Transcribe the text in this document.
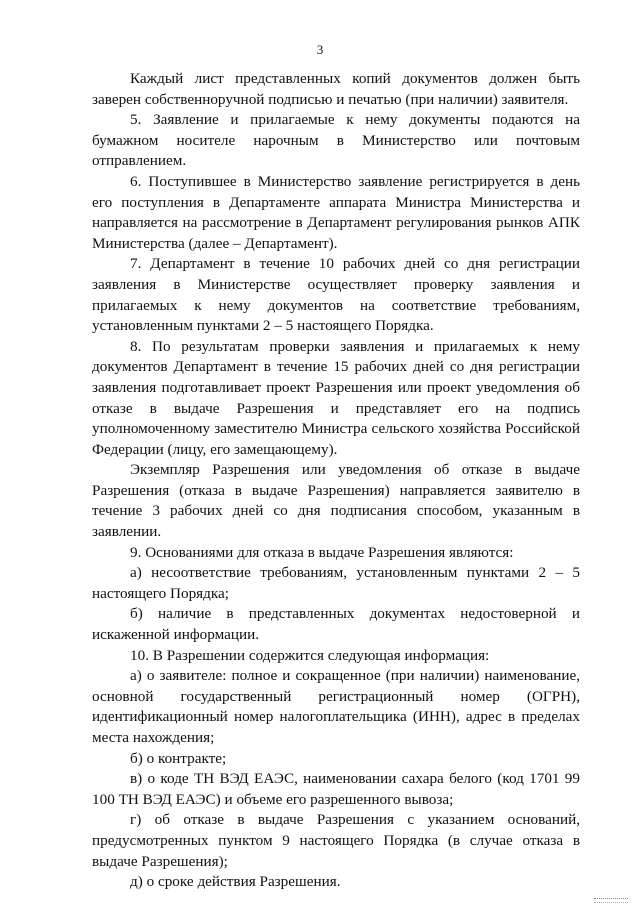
3

Каждый лист представленных копий документов должен быть заверен собственноручной подписью и печатью (при наличии) заявителя.

5. Заявление и прилагаемые к нему документы подаются на бумажном носителе нарочным в Министерство или почтовым отправлением.

6. Поступившее в Министерство заявление регистрируется в день его поступления в Департаменте аппарата Министра Министерства и направляется на рассмотрение в Департамент регулирования рынков АПК Министерства (далее – Департамент).

7. Департамент в течение 10 рабочих дней со дня регистрации заявления в Министерстве осуществляет проверку заявления и прилагаемых к нему документов на соответствие требованиям, установленным пунктами 2 – 5 настоящего Порядка.

8. По результатам проверки заявления и прилагаемых к нему документов Департамент в течение 15 рабочих дней со дня регистрации заявления подготавливает проект Разрешения или проект уведомления об отказе в выдаче Разрешения и представляет его на подпись уполномоченному заместителю Министра сельского хозяйства Российской Федерации (лицу, его замещающему).

Экземпляр Разрешения или уведомления об отказе в выдаче Разрешения (отказа в выдаче Разрешения) направляется заявителю в течение 3 рабочих дней со дня подписания способом, указанным в заявлении.

9. Основаниями для отказа в выдаче Разрешения являются:

а) несоответствие требованиям, установленным пунктами 2 – 5 настоящего Порядка;

б) наличие в представленных документах недостоверной и искаженной информации.

10. В Разрешении содержится следующая информация:

а) о заявителе: полное и сокращенное (при наличии) наименование, основной государственный регистрационный номер (ОГРН), идентификационный номер налогоплательщика (ИНН), адрес в пределах места нахождения;

б) о контракте;

в) о коде ТН ВЭД ЕАЭС, наименовании сахара белого (код 1701 99 100 ТН ВЭД ЕАЭС) и объеме его разрешенного вывоза;

г) об отказе в выдаче Разрешения с указанием оснований, предусмотренных пунктом 9 настоящего Порядка (в случае отказа в выдаче Разрешения);

д) о сроке действия Разрешения.
